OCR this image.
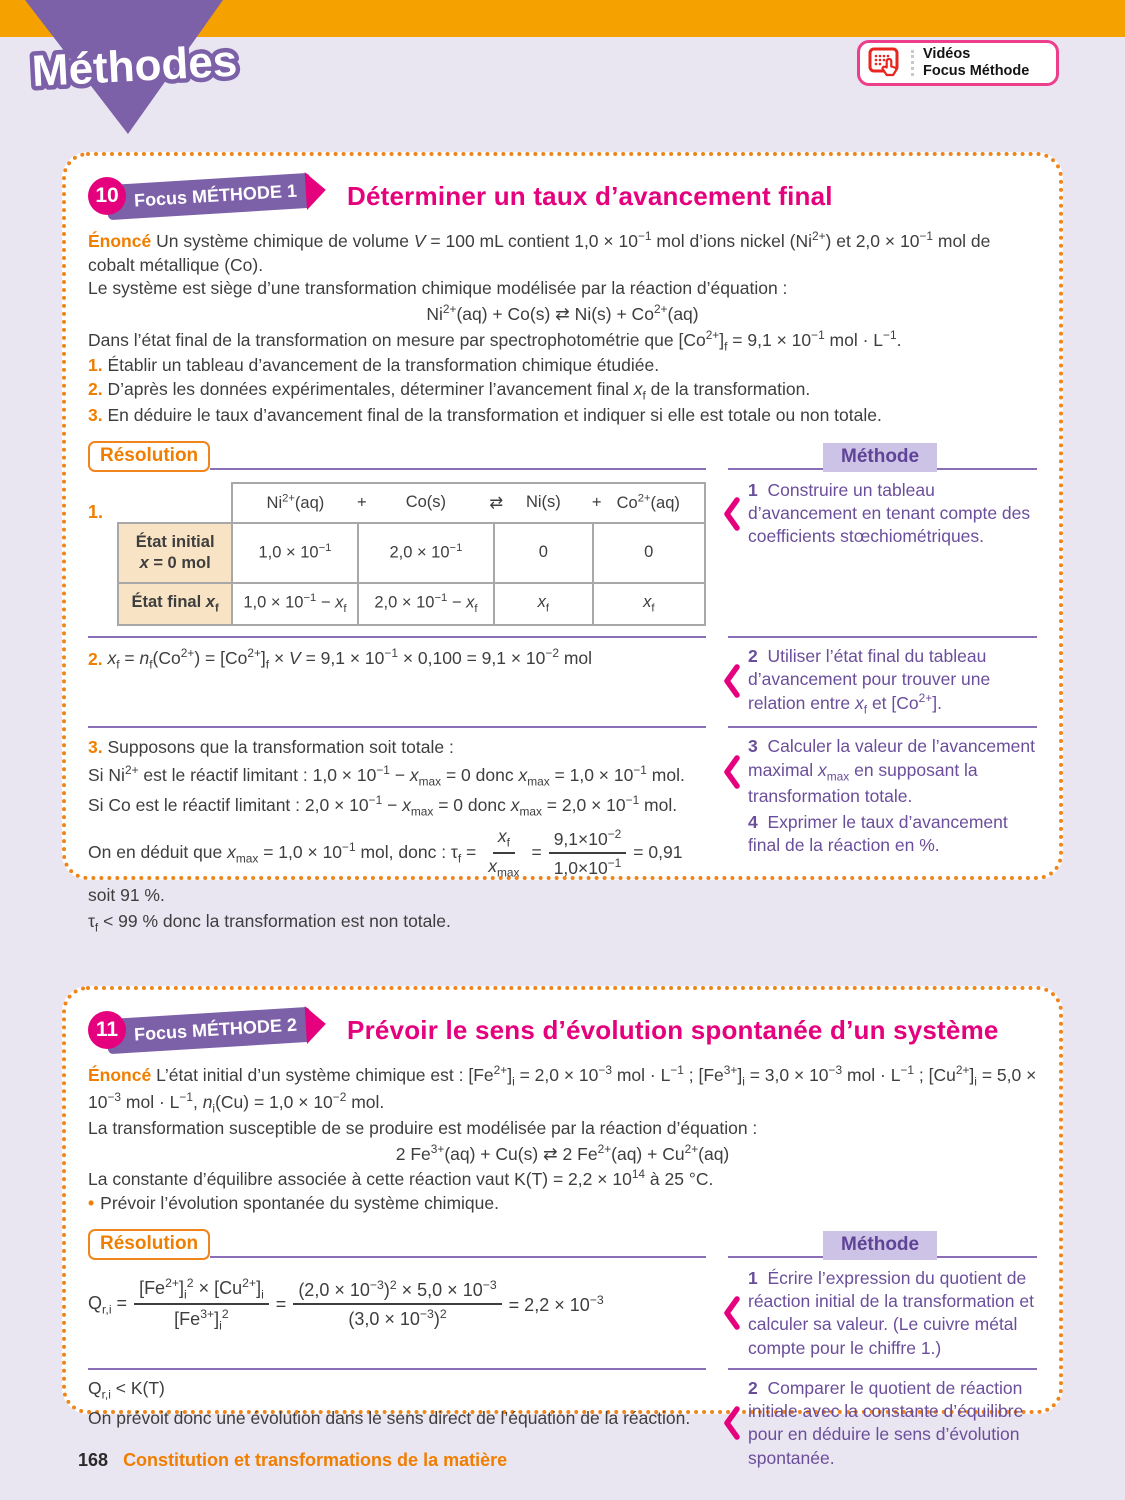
Méthodes	Vidéos
Focus Méthode
10 Focus MÉTHODE 1	Déterminer un taux d’avancement final

Énoncé Un système chimique de volume V = 100 mL contient $1,0 \times 10^{-1}$ mol d’ions nickel $(Ni^{2+})$ et $2,0 \times 10^{-1}$ mol de cobalt métallique (Co).

Le système est siège d’une transformation chimique modélisée par la réaction d’équation :

$Ni^{2+}(aq) + Co(s)$ ⇄ $Ni(s) + Co^{2+}(aq)$

Dans l’état final de la transformation on mesure par spectrophotométrie que $[Co^{2+}]_f = 9,1 \times 10^{-1}$ mol · $L^{-1}$.

1. Établir un tableau d’avancement de la transformation chimique étudiée.

2. D’après les données expérimentales, déterminer l’avancement final $x_f$ de la transformation.

3. En déduire le taux d’avancement final de la transformation et indiquer si elle est totale ou non totale.

Résolution	Méthode
1.
		$Ni^{2+}(aq)$ +	Co(s) ⇄	Ni(s) +	$Co^{2+}(aq)$
État initial
x = 0 mol	$1,0 \times 10^{-1}$	$2,0 \times 10^{-1}$	0	0
État final $x_f$	$1,0 \times 10^{-1} - x_f$	$2,0 \times 10^{-1} - x_f$	$x_f$	$x_f$

1 Construire un tableau d’avancement en tenant compte des coefficients stœchiométriques.

2. $x_f = n_f(Co^{2+}) = [Co^{2+}]_f \times V = 9,1 \times 10^{-1} \times 0,100 = 9,1 \times 10^{-2}$ mol	2 Utiliser l’état final du tableau d’avancement pour trouver une relation entre $x_f$ et $[Co^{2+}]$.

3. Supposons que la transformation soit totale :

Si $Ni^{2+}$ est le réactif limitant : $1,0 \times 10^{-1} - x_{max} = 0$ donc $x_{max} = 1,0 \times 10^{-1}$ mol.

Si Co est le réactif limitant : $2,0 \times 10^{-1} - x_{max} = 0$ donc $x_{max} = 2,0 \times 10^{-1}$ mol.

On en déduit que $x_{max} = 1,0 \times 10^{-1}$ mol, donc : $\tau_f = \frac{x_f}{x_{max}} = \frac{9,1\times 10^{-2}}{1,0\times 10^{-1}} = 0,91$

soit 91 %.

$\tau_f < 99$ % donc la transformation est non totale.

3 Calculer la valeur de l’avancement maximal $x_{max}$ en supposant la transformation totale.

4 Exprimer le taux d’avancement final de la réaction en %.

11 Focus MÉTHODE 2	Prévoir le sens d’évolution spontanée d’un système

Énoncé L’état initial d’un système chimique est : $[Fe^{2+}]_i = 2,0 \times 10^{-3}$ mol · $L^{-1}$ ; $[Fe^{3+}]_i = 3,0 \times 10^{-3}$ mol · $L^{-1}$ ; $[Cu^{2+}]_i = 5,0 \times 10^{-3}$ mol · $L^{-1}$, $n_i(Cu) = 1,0 \times 10^{-2}$ mol.

La transformation susceptible de se produire est modélisée par la réaction d’équation :

2 $Fe^{3+}(aq) + Cu(s)$ ⇄ 2 $Fe^{2+}(aq) + Cu^{2+}(aq)$

La constante d’équilibre associée à cette réaction vaut $K(T) = 2,2 \times 10^{14}$ à 25 °C.

• Prévoir l’évolution spontanée du système chimique.

Résolution	Méthode
$Q_{r,i} = \frac{[Fe^{2+}]_i^2 \times [Cu^{2+}]_i}{[Fe^{3+}]_i^2} = \frac{(2,0 \times 10^{-3})^2 \times 5,0 \times 10^{-3}}{(3,0 \times 10^{-3})^2} = 2,2 \times 10^{-3}$

1 Écrire l’expression du quotient de réaction initial de la transformation et calculer sa valeur. (Le cuivre métal compte pour le chiffre 1.)

$Q_{r,i} < K(T)$

On prévoit donc une évolution dans le sens direct de l’équation de la réaction.

2 Comparer le quotient de réaction initiale avec la constante d’équilibre pour en déduire le sens d’évolution spontanée.

168 Constitution et transformations de la matière
